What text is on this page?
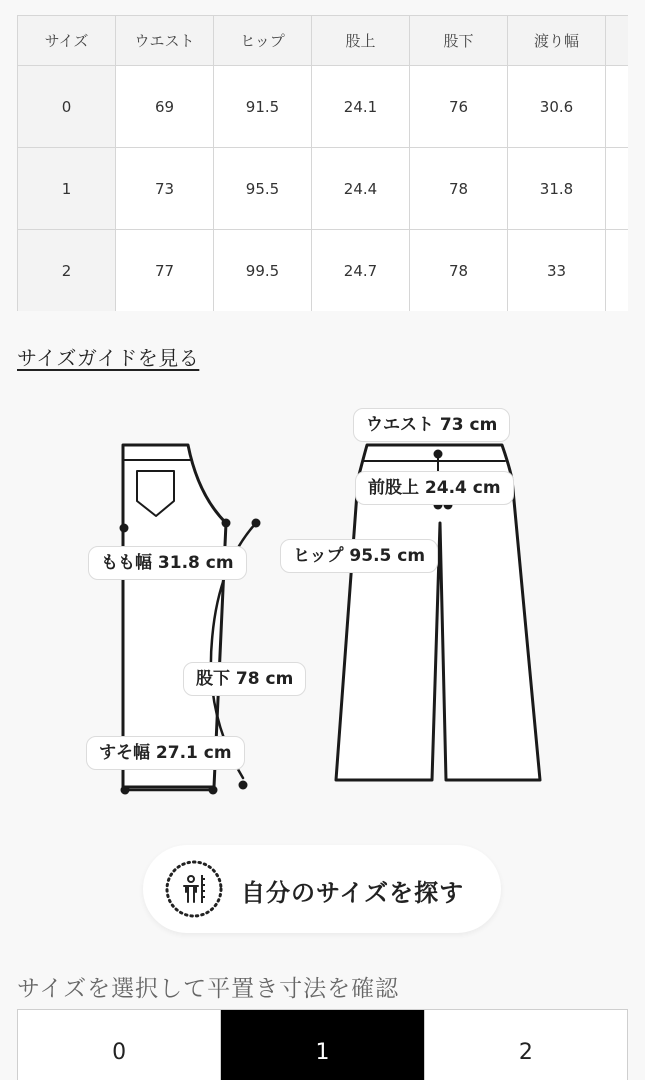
サイズ	ウエスト	ヒップ	股上	股下	渡り幅	
0	69	91.5	24.1	76	30.6	
1	73	95.5	24.4	78	31.8	
2	77	99.5	24.7	78	33	
サイズガイドを見る
ウエスト 73 cm
前股上 24.4 cm
ヒップ 95.5 cm
もも幅 31.8 cm
股下 78 cm
すそ幅 27.1 cm
自分のサイズを探す
サイズを選択して平置き寸法を確認
0	1	2
